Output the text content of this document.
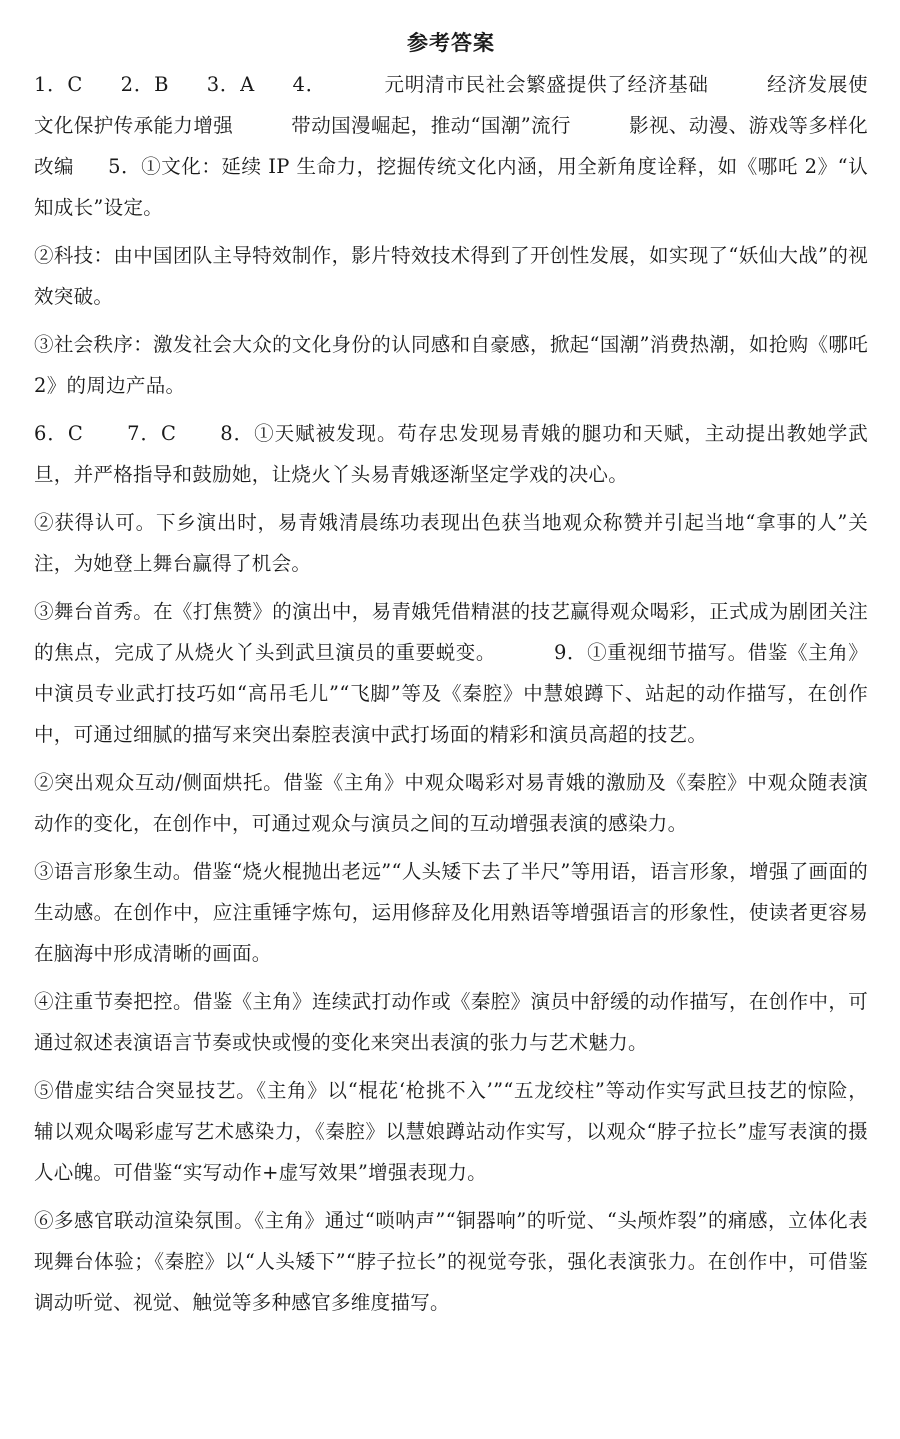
参考答案

1．C 2．B 3．A 4．	元明清市民社会繁盛提供了经济基础	经济发展使文化保护传承能力增强	带动国漫崛起，推动“国潮”流行	影视、动漫、游戏等多样化改编 5．①文化：延续 IP 生命力，挖掘传统文化内涵，用全新角度诠释，如《哪吒 2》“认知成长”设定。

②科技：由中国团队主导特效制作，影片特效技术得到了开创性发展，如实现了“妖仙大战”的视效突破。

③社会秩序：激发社会大众的文化身份的认同感和自豪感，掀起“国潮”消费热潮，如抢购《哪吒 2》的周边产品。

6．C 7．C 8．①天赋被发现。苟存忠发现易青娥的腿功和天赋，主动提出教她学武旦，并严格指导和鼓励她，让烧火丫头易青娥逐渐坚定学戏的决心。

②获得认可。下乡演出时，易青娥清晨练功表现出色获当地观众称赞并引起当地“拿事的人”关注，为她登上舞台赢得了机会。

③舞台首秀。在《打焦赞》的演出中，易青娥凭借精湛的技艺赢得观众喝彩，正式成为剧团关注的焦点，完成了从烧火丫头到武旦演员的重要蜕变。	9．①重视细节描写。借鉴《主角》中演员专业武打技巧如“高吊毛儿”“飞脚”等及《秦腔》中慧娘蹲下、站起的动作描写，在创作中，可通过细腻的描写来突出秦腔表演中武打场面的精彩和演员高超的技艺。

②突出观众互动/侧面烘托。借鉴《主角》中观众喝彩对易青娥的激励及《秦腔》中观众随表演动作的变化，在创作中，可通过观众与演员之间的互动增强表演的感染力。

③语言形象生动。借鉴“烧火棍抛出老远”“人头矮下去了半尺”等用语，语言形象，增强了画面的生动感。在创作中，应注重锤字炼句，运用修辞及化用熟语等增强语言的形象性，使读者更容易在脑海中形成清晰的画面。

④注重节奏把控。借鉴《主角》连续武打动作或《秦腔》演员中舒缓的动作描写，在创作中，可通过叙述表演语言节奏或快或慢的变化来突出表演的张力与艺术魅力。

⑤借虚实结合突显技艺。《主角》以“棍花‘枪挑不入’”“五龙绞柱”等动作实写武旦技艺的惊险，辅以观众喝彩虚写艺术感染力，《秦腔》以慧娘蹲站动作实写，以观众“脖子拉长”虚写表演的摄人心魄。可借鉴“实写动作+虚写效果”增强表现力。

⑥多感官联动渲染氛围。《主角》通过“唢呐声”“铜器响”的听觉、“头颅炸裂”的痛感，立体化表现舞台体验；《秦腔》以“人头矮下”“脖子拉长”的视觉夸张，强化表演张力。在创作中，可借鉴调动听觉、视觉、触觉等多种感官多维度描写。
